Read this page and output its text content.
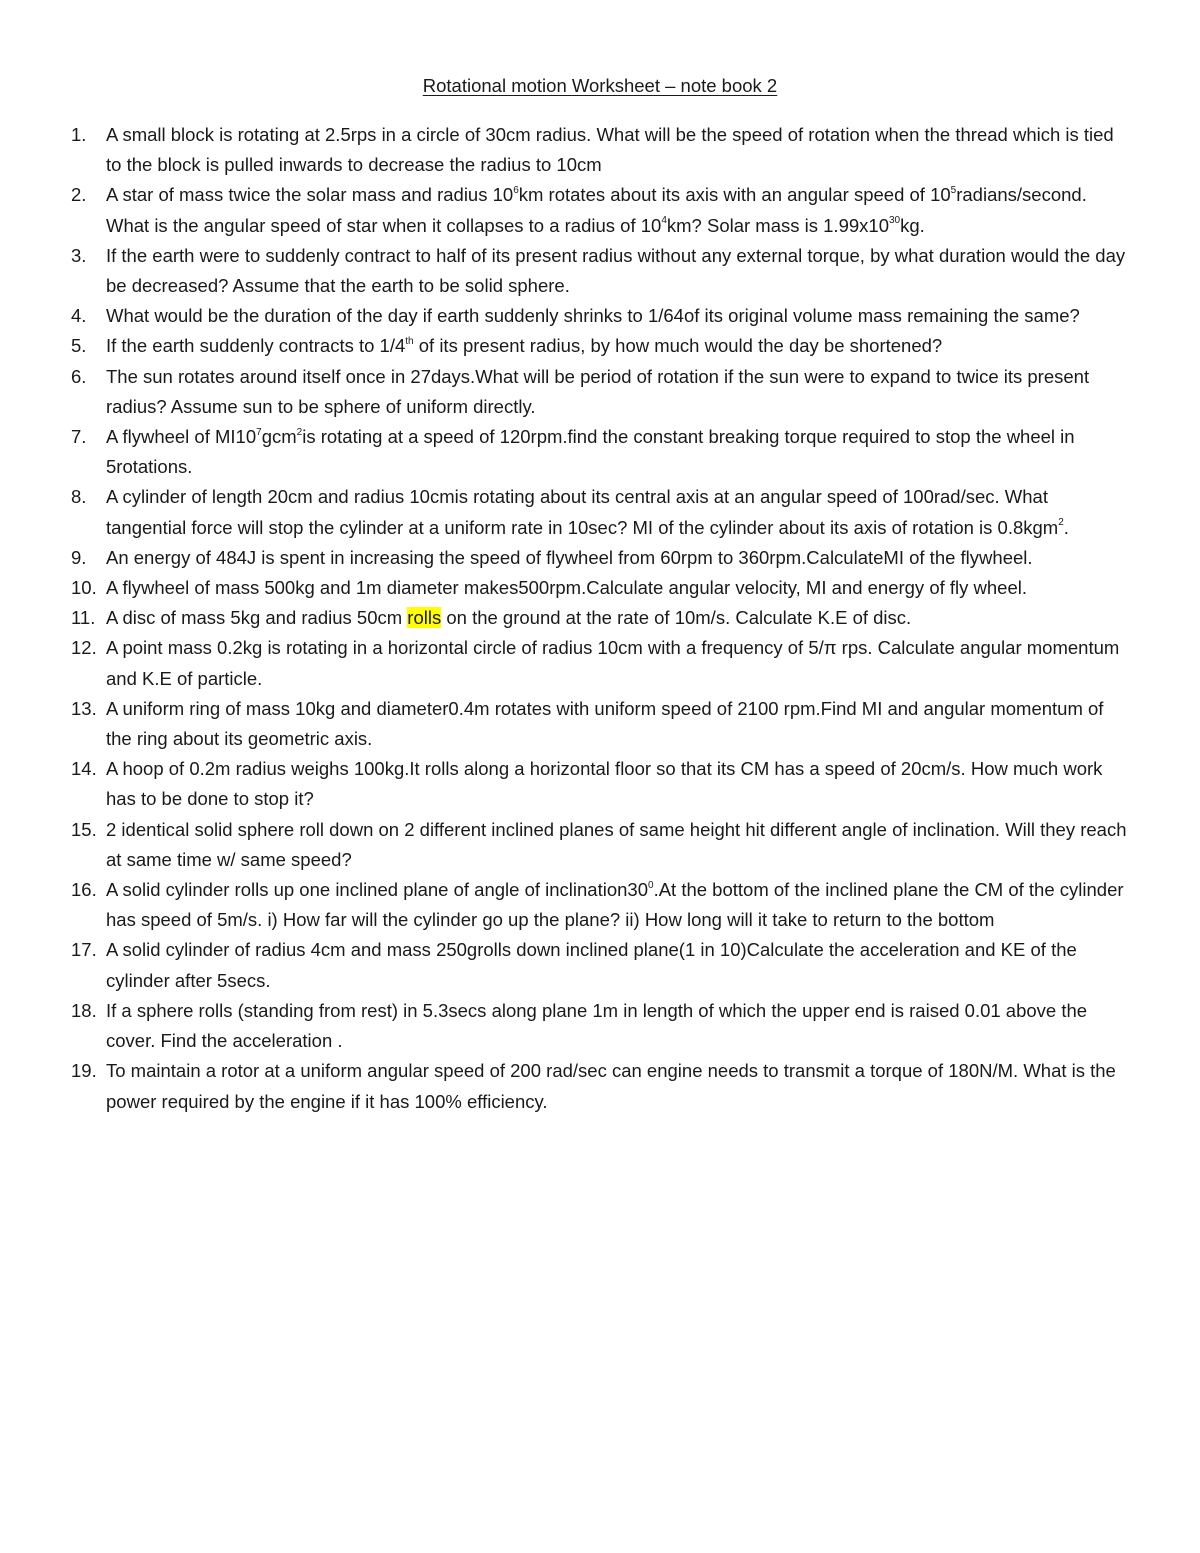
Rotational motion Worksheet – note book 2
1. A small block is rotating at 2.5rps in a circle of 30cm radius. What will be the speed of rotation when the thread which is tied to the block is pulled inwards to decrease the radius to 10cm
2. A star of mass twice the solar mass and radius $10^6km$ rotates about its axis with an angular speed of $10^5radians$/second. What is the angular speed of star when it collapses to a radius of $10^4km$? Solar mass is $1.99x10^{30}kg$.
3. If the earth were to suddenly contract to half of its present radius without any external torque, by what duration would the day be decreased? Assume that the earth to be solid sphere.
4. What would be the duration of the day if earth suddenly shrinks to 1/64of its original volume mass remaining the same?
5. If the earth suddenly contracts to 1/4th of its present radius, by how much would the day be shortened?
6. The sun rotates around itself once in 27days.What will be period of rotation if the sun were to expand to twice its present radius? Assume sun to be sphere of uniform directly.
7. A flywheel of $MI10^7gcm^2is$ rotating at a speed of 120rpm.find the constant breaking torque required to stop the wheel in 5rotations.
8. A cylinder of length 20cm and radius 10cmis rotating about its central axis at an angular speed of 100rad/sec. What tangential force will stop the cylinder at a uniform rate in 10sec? MI of the cylinder about its axis of rotation is 0.8kgm$^2$.
9. An energy of 484J is spent in increasing the speed of flywheel from 60rpm to 360rpm.CalculateMI of the flywheel.
10. A flywheel of mass 500kg and 1m diameter makes500rpm.Calculate angular velocity, MI and energy of fly wheel.
11. A disc of mass 5kg and radius 50cm rolls on the ground at the rate of 10m/s. Calculate K.E of disc.
12. A point mass 0.2kg is rotating in a horizontal circle of radius 10cm with a frequency of 5/π rps. Calculate angular momentum and K.E of particle.
13. A uniform ring of mass 10kg and diameter0.4m rotates with uniform speed of 2100 rpm.Find MI and angular momentum of the ring about its geometric axis.
14. A hoop of 0.2m radius weighs 100kg.It rolls along a horizontal floor so that its CM has a speed of 20cm/s. How much work has to be done to stop it?
15. 2 identical solid sphere roll down on 2 different inclined planes of same height hit different angle of inclination. Will they reach at same time w/ same speed?
16. A solid cylinder rolls up one inclined plane of angle of $inclination30^0.At$ the bottom of the inclined plane the CM of the cylinder has speed of 5m/s. i) How far will the cylinder go up the plane? ii) How long will it take to return to the bottom
17. A solid cylinder of radius 4cm and mass 250grolls down inclined plane(1 in 10)Calculate the acceleration and KE of the cylinder after 5secs.
18. If a sphere rolls (standing from rest) in 5.3secs along plane 1m in length of which the upper end is raised 0.01 above the cover. Find the acceleration .
19. To maintain a rotor at a uniform angular speed of 200 rad/sec can engine needs to transmit a torque of 180N/M. What is the power required by the engine if it has 100% efficiency.
